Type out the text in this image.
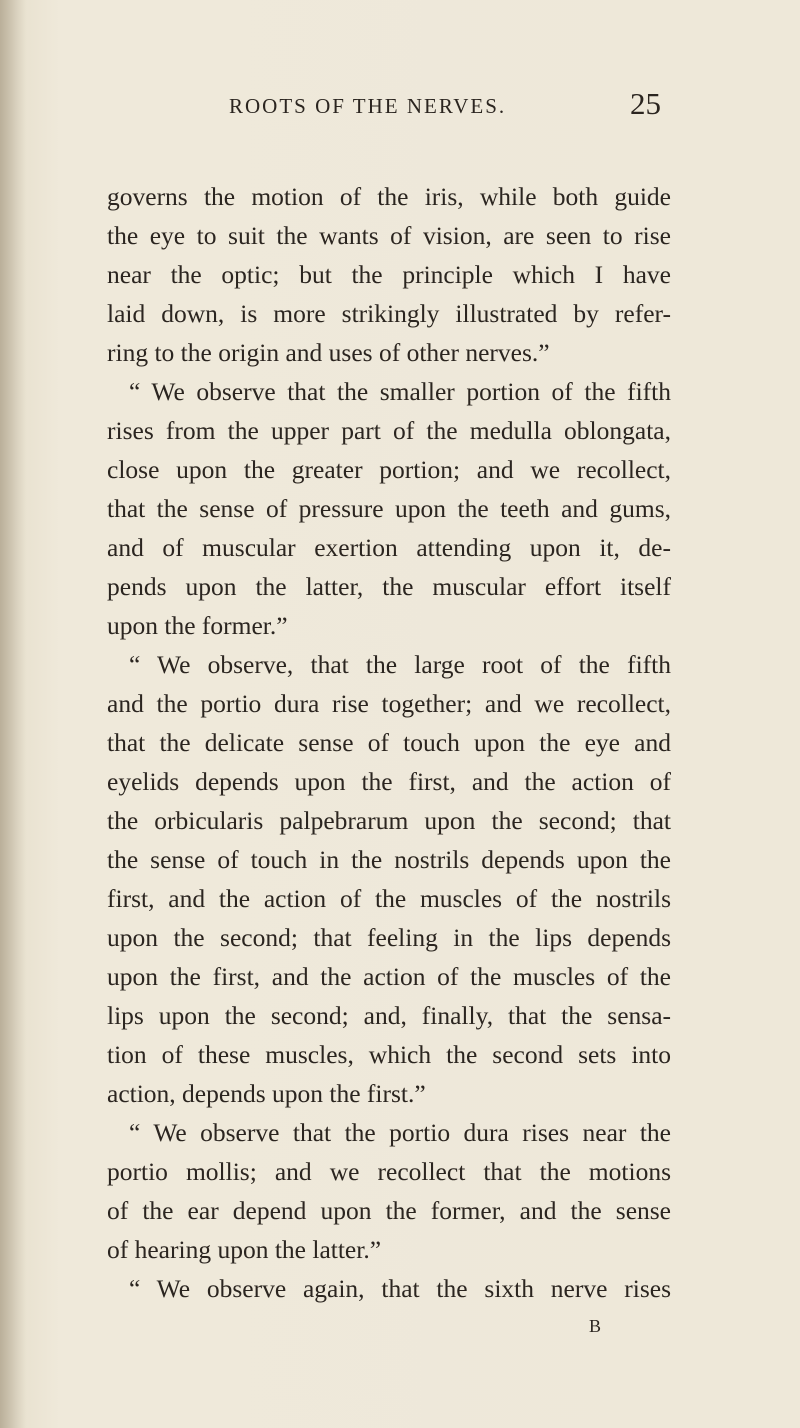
ROOTS OF THE NERVES.	25
governs the motion of the iris, while both guide
the eye to suit the wants of vision, are seen to rise
near the optic; but the principle which I have
laid down, is more strikingly illustrated by refer-
ring to the origin and uses of other nerves.”
“ We observe that the smaller portion of the fifth
rises from the upper part of the medulla oblongata,
close upon the greater portion; and we recollect,
that the sense of pressure upon the teeth and gums,
and of muscular exertion attending upon it, de-
pends upon the latter, the muscular effort itself
upon the former.”
“ We observe, that the large root of the fifth
and the portio dura rise together; and we recollect,
that the delicate sense of touch upon the eye and
eyelids depends upon the first, and the action of
the orbicularis palpebrarum upon the second; that
the sense of touch in the nostrils depends upon the
first, and the action of the muscles of the nostrils
upon the second; that feeling in the lips depends
upon the first, and the action of the muscles of the
lips upon the second; and, finally, that the sensa-
tion of these muscles, which the second sets into
action, depends upon the first.”
“ We observe that the portio dura rises near the
portio mollis; and we recollect that the motions
of the ear depend upon the former, and the sense
of hearing upon the latter.”
“ We observe again, that the sixth nerve rises
B
